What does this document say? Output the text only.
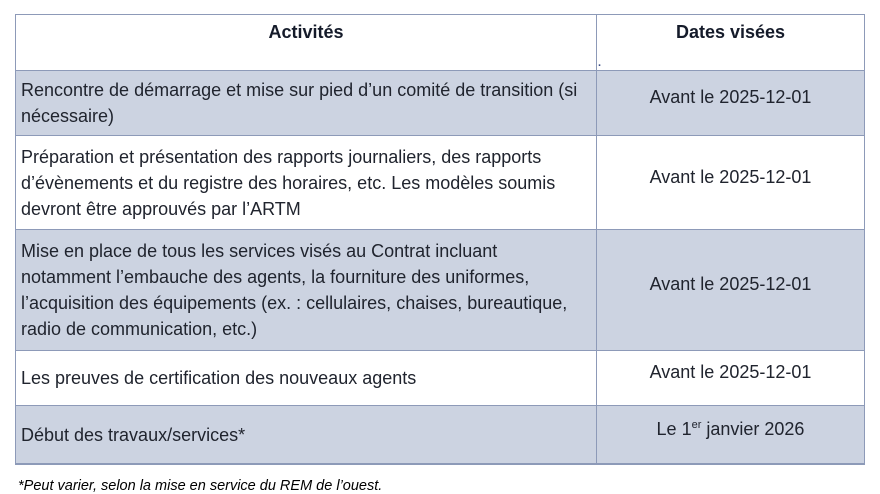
Activités	Dates visées
.

Rencontre de démarrage et mise sur pied d’un comité de transition (si nécessaire)	Avant le 2025-12-01
Préparation et présentation des rapports journaliers, des rapports d’évènements et du registre des horaires, etc. Les modèles soumis devront être approuvés par l’ARTM	Avant le 2025-12-01
Mise en place de tous les services visés au Contrat incluant notamment l’embauche des agents, la fourniture des uniformes, l’acquisition des équipements (ex. : cellulaires, chaises, bureautique, radio de communication, etc.)	Avant le 2025-12-01
Les preuves de certification des nouveaux agents	Avant le 2025-12-01
Début des travaux/services*	Le 1er janvier 2026

*Peut varier, selon la mise en service du REM de l’ouest.
